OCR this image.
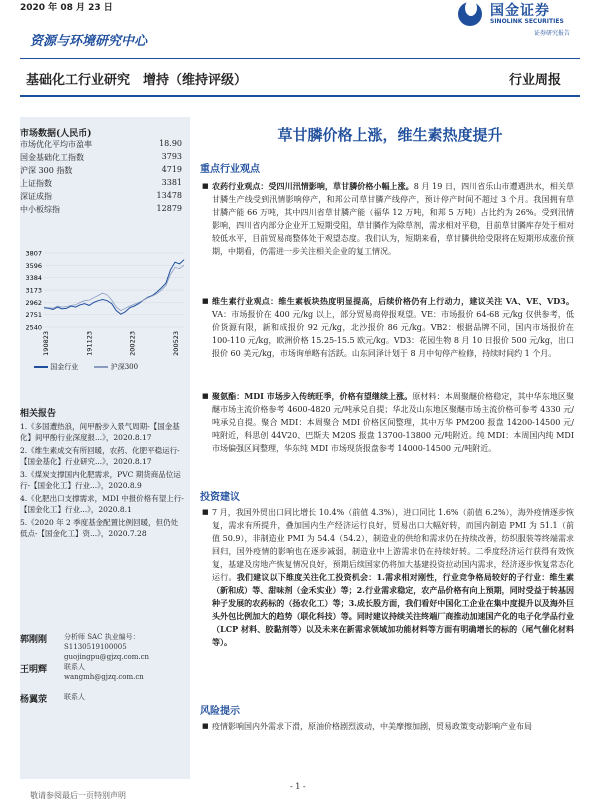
2020 年 08 月 23 日	国金证券
SINOLINK SECURITIES
证券研究报告
资源与环境研究中心
基础化工行业研究　增持（维持评级）	行业周报
市场数据(人民币)
市场优化平均市盈率	18.90
国金基础化工指数	3793
沪深 300 指数	4719
上证指数	3381
深证成指	13478
中小板综指	12879
3807
3596
3384
3173
2962
2751
2540
190823	191123	200223	200523
国金行业	沪深300
相关报告
1.《多国遭热浪，间甲酚步入景气周期-【国金基化】间甲酚行业深度报...》，2020.8.17
2.《维生素成交有所回暖，农药、化肥平稳运行-【国金基化】行业研究...》，2020.8.17
3.《煤炭支撑国内化肥需求，PVC 期货商品位运行-【国金化工】行业...》，2020.8.9
4.《化肥出口支撑需求，MDI 中报价格有望上行-【国金化工】行业...》，2020.8.1
5.《2020 年 2 季度基金配置比例回暖，但仍处低点-【国金化工】资...》，2020.7.28
郭刚刚 分析师 SAC 执业编号：S1130519100005
guojingpu@gjzq.com.cn
王明辉 联系人
wangmh@gjzq.com.cn
杨翼荥 联系人
草甘膦价格上涨，维生素热度提升
重点行业观点
■ 农药行业观点：受四川汛情影响，草甘膦价格小幅上涨。8 月 19 日，四川省乐山市遭遇洪水，相关草甘膦生产线受到汛情影响停产，和邦公司草甘膦产线停产，预计停产时间不超过 3 个月。我国拥有草甘膦产能 66 万吨，其中四川省草甘膦产能（福华 12 万吨，和邦 5 万吨）占比约为 26%。受到汛情影响，四川省内部分企业开工短期受阻，草甘膦作为除草剂，需求相对平稳，目前草甘膦库存处于相对较低水平，目前贸易商整体处于观望态度。我们认为，短期来看，草甘膦供给受限将在短期形成涨价预期，中期看，仍需进一步关注相关企业的复工情况。
■ 维生素行业观点：维生素板块热度明显提高，后续价格仍有上行动力，建议关注 VA、VE、VD3。VA：市场报价在 400 元/kg 以上，部分贸易商停报观望。VE：市场报价 64-68 元/kg 仅供参考，低价货源有限，新和成报价 92 元/kg，北沙报价 86 元/kg。VB2：根据品牌不同，国内市场报价在 100-110 元/kg，欧洲价格 15.25-15.5 欧元/kg。VD3：花园生物 8 月 10 日报价 500 元/kg，出口报价 60 美元/kg，市场询单略有活跃。山东同泽计划于 8 月中旬停产检修，持续时间约 1 个月。
■ 聚氨酯：MDI 市场步入传统旺季，价格有望继续上涨。原材料：本周聚醚价格稳定，其中华东地区聚醚市场主流价格参考 4600-4820 元/吨承兑自提；华北及山东地区聚醚市场主流价格可参考 4330 元/吨承兑自提。聚合 MDI：本周聚合 MDI 价格区间整理，其中万华 PM200 报盘 14200-14500 元/吨附近，科思创 44V20、巴斯夫 M20S 报盘 13700-13800 元/吨附近。纯 MDI：本周国内纯 MDI 市场偏强区间整理，华东纯 MDI 市场现货报盘参考 14000-14500 元/吨附近。
投资建议
■ 7 月，我国外贸出口同比增长 10.4%（前值 4.3%），进口同比 1.6%（前值 6.2%），海外疫情逐步恢复，需求有所提升，叠加国内生产经济运行良好，贸易出口大幅好转，而国内制造 PMI 为 51.1（前值 50.9），非制造业 PMI 为 54.4（54.2），制造业的供给和需求仍在持续改善，纺织服装等终端需求回归，国外疫情的影响也在逐步减弱，制造业中上游需求仍在持续好转。二季度经济运行获得有效恢复，基建及房地产恢复情况良好，预期后续国家仍将加大基建投资拉动国内需求，经济逐步恢复常态化运行。我们建议以下维度关注化工投资机会：1.需求相对刚性，行业竞争格局较好的子行业：维生素（新和成）等、甜味剂（金禾实业）等；2.行业需求稳定，农产品价格有向上预期，同时受益于转基因种子发展的农药标的（扬农化工）等；3.成长股方面，我们看好中国化工企业在集中度提升以及海外巨头外包比例加大的趋势（联化科技）等。同时建议持续关注终端厂商推动加速国产化的电子化学品行业（LCP 材料、胶黏剂等）以及未来在新需求领域加功能材料等方面有明确增长的标的（尾气催化材料等）。
风险提示
■ 疫情影响国内外需求下滑，原油价格剧烈波动，中美摩擦加剧，贸易政策变动影响产业布局
- 1 -
敬请参阅最后一页特别声明
